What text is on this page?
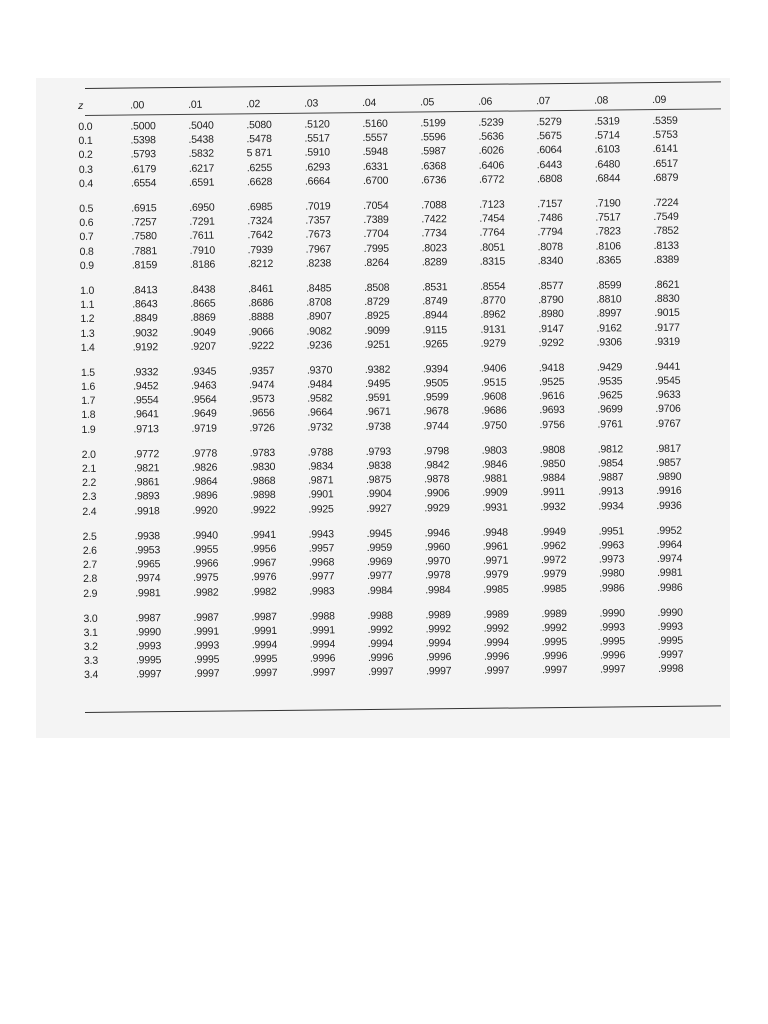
z	.00	.01	.02	.03	.04	.05	.06	.07	.08	.09
0.0	.5000	.5040	.5080	.5120	.5160	.5199	.5239	.5279	.5319	.5359
0.1	.5398	.5438	.5478	.5517	.5557	.5596	.5636	.5675	.5714	.5753
0.2	.5793	.5832	5 871	.5910	.5948	.5987	.6026	.6064	.6103	.6141
0.3	.6179	.6217	.6255	.6293	.6331	.6368	.6406	.6443	.6480	.6517
0.4	.6554	.6591	.6628	.6664	.6700	.6736	.6772	.6808	.6844	.6879
0.5	.6915	.6950	.6985	.7019	.7054	.7088	.7123	.7157	.7190	.7224
0.6	.7257	.7291	.7324	.7357	.7389	.7422	.7454	.7486	.7517	.7549
0.7	.7580	.7611	.7642	.7673	.7704	.7734	.7764	.7794	.7823	.7852
0.8	.7881	.7910	.7939	.7967	.7995	.8023	.8051	.8078	.8106	.8133
0.9	.8159	.8186	.8212	.8238	.8264	.8289	.8315	.8340	.8365	.8389
1.0	.8413	.8438	.8461	.8485	.8508	.8531	.8554	.8577	.8599	.8621
1.1	.8643	.8665	.8686	.8708	.8729	.8749	.8770	.8790	.8810	.8830
1.2	.8849	.8869	.8888	.8907	.8925	.8944	.8962	.8980	.8997	.9015
1.3	.9032	.9049	.9066	.9082	.9099	.9115	.9131	.9147	.9162	.9177
1.4	.9192	.9207	.9222	.9236	.9251	.9265	.9279	.9292	.9306	.9319
1.5	.9332	.9345	.9357	.9370	.9382	.9394	.9406	.9418	.9429	.9441
1.6	.9452	.9463	.9474	.9484	.9495	.9505	.9515	.9525	.9535	.9545
1.7	.9554	.9564	.9573	.9582	.9591	.9599	.9608	.9616	.9625	.9633
1.8	.9641	.9649	.9656	.9664	.9671	.9678	.9686	.9693	.9699	.9706
1.9	.9713	.9719	.9726	.9732	.9738	.9744	.9750	.9756	.9761	.9767
2.0	.9772	.9778	.9783	.9788	.9793	.9798	.9803	.9808	.9812	.9817
2.1	.9821	.9826	.9830	.9834	.9838	.9842	.9846	.9850	.9854	.9857
2.2	.9861	.9864	.9868	.9871	.9875	.9878	.9881	.9884	.9887	.9890
2.3	.9893	.9896	.9898	.9901	.9904	.9906	.9909	.9911	.9913	.9916
2.4	.9918	.9920	.9922	.9925	.9927	.9929	.9931	.9932	.9934	.9936
2.5	.9938	.9940	.9941	.9943	.9945	.9946	.9948	.9949	.9951	.9952
2.6	.9953	.9955	.9956	.9957	.9959	.9960	.9961	.9962	.9963	.9964
2.7	.9965	.9966	.9967	.9968	.9969	.9970	.9971	.9972	.9973	.9974
2.8	.9974	.9975	.9976	.9977	.9977	.9978	.9979	.9979	.9980	.9981
2.9	.9981	.9982	.9982	.9983	.9984	.9984	.9985	.9985	.9986	.9986
3.0	.9987	.9987	.9987	.9988	.9988	.9989	.9989	.9989	.9990	.9990
3.1	.9990	.9991	.9991	.9991	.9992	.9992	.9992	.9992	.9993	.9993
3.2	.9993	.9993	.9994	.9994	.9994	.9994	.9994	.9995	.9995	.9995
3.3	.9995	.9995	.9995	.9996	.9996	.9996	.9996	.9996	.9996	.9997
3.4	.9997	.9997	.9997	.9997	.9997	.9997	.9997	.9997	.9997	.9998
